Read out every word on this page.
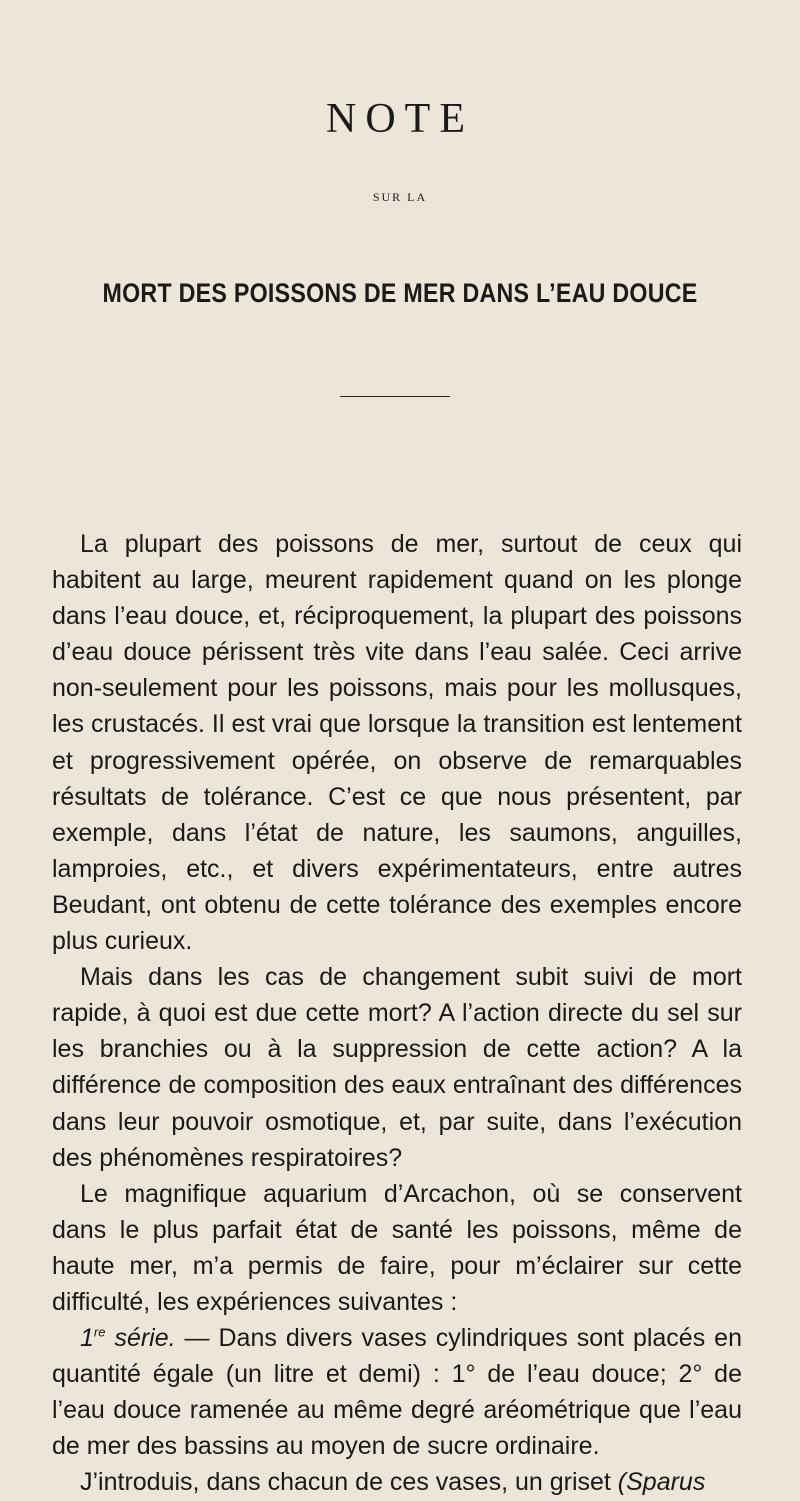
NOTE
SUR LA
MORT DES POISSONS DE MER DANS L’EAU DOUCE

La plupart des poissons de mer, surtout de ceux qui habitent au large, meurent rapidement quand on les plonge dans l’eau douce, et, réciproquement, la plupart des poissons d’eau douce périssent très vite dans l’eau salée. Ceci arrive non-seulement pour les poissons, mais pour les mollusques, les crustacés. Il est vrai que lorsque la transition est lentement et progressivement opérée, on observe de remarquables résultats de tolérance. C’est ce que nous présentent, par exemple, dans l’état de nature, les saumons, anguilles, lamproies, etc., et divers expérimentateurs, entre autres Beudant, ont obtenu de cette tolérance des exemples encore plus curieux.

Mais dans les cas de changement subit suivi de mort rapide, à quoi est due cette mort? A l’action directe du sel sur les branchies ou à la suppression de cette action? A la différence de composition des eaux entraînant des différences dans leur pouvoir osmotique, et, par suite, dans l’exécution des phénomènes respiratoires?

Le magnifique aquarium d’Arcachon, où se conservent dans le plus parfait état de santé les poissons, même de haute mer, m’a permis de faire, pour m’éclairer sur cette difficulté, les expériences suivantes :

1re série. — Dans divers vases cylindriques sont placés en quantité égale (un litre et demi) : 1° de l’eau douce; 2° de l’eau douce ramenée au même degré aréométrique que l’eau de mer des bassins au moyen de sucre ordinaire.

J’introduis, dans chacun de ces vases, un griset (Sparus
